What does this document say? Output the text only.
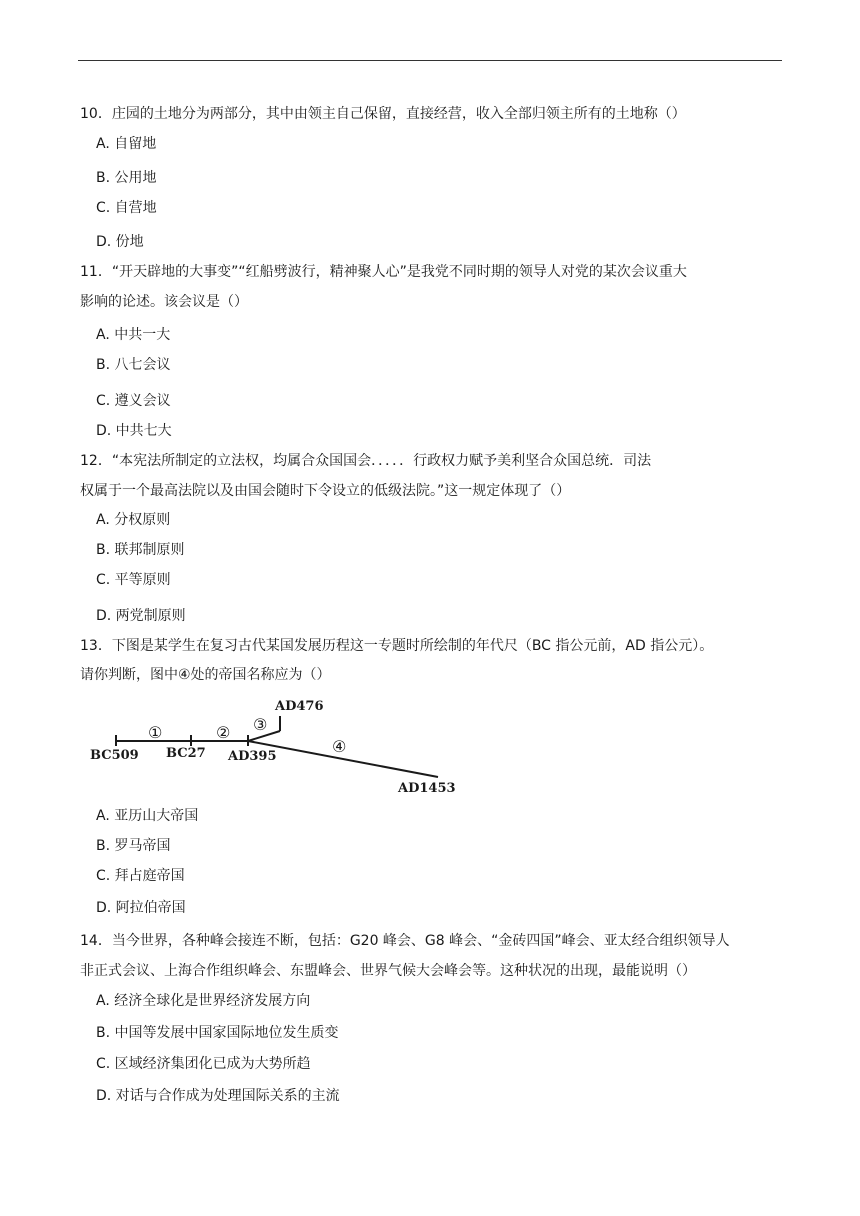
10．庄园的土地分为两部分，其中由领主自己保留，直接经营，收入全部归领主所有的土地称（）
A. 自留地
B. 公用地
C. 自营地
D. 份地
11．“开天辟地的大事变”“红船劈波行，精神聚人心”是我党不同时期的领导人对党的某次会议重大
影响的论述。该会议是（）
A. 中共一大
B. 八七会议
C. 遵义会议
D. 中共七大
12．“本宪法所制定的立法权，均属合众国国会．．．．．行政权力赋予美利坚合众国总统．司法
权属于一个最高法院以及由国会随时下令设立的低级法院。”这一规定体现了（）
A. 分权原则
B. 联邦制原则
C. 平等原则
D. 两党制原则
13．下图是某学生在复习古代某国发展历程这一专题时所绘制的年代尺（BC 指公元前，AD 指公元）。
请你判断，图中④处的帝国名称应为（）
BC509 BC27 AD395
AD476
AD1453
①	② ③
④
A. 亚历山大帝国
B. 罗马帝国
C. 拜占庭帝国
D. 阿拉伯帝国
14．当今世界，各种峰会接连不断，包括：G20 峰会、G8 峰会、“金砖四国”峰会、亚太经合组织领导人
非正式会议、上海合作组织峰会、东盟峰会、世界气候大会峰会等。这种状况的出现，最能说明（）
A. 经济全球化是世界经济发展方向
B. 中国等发展中国家国际地位发生质变
C. 区域经济集团化已成为大势所趋
D. 对话与合作成为处理国际关系的主流
